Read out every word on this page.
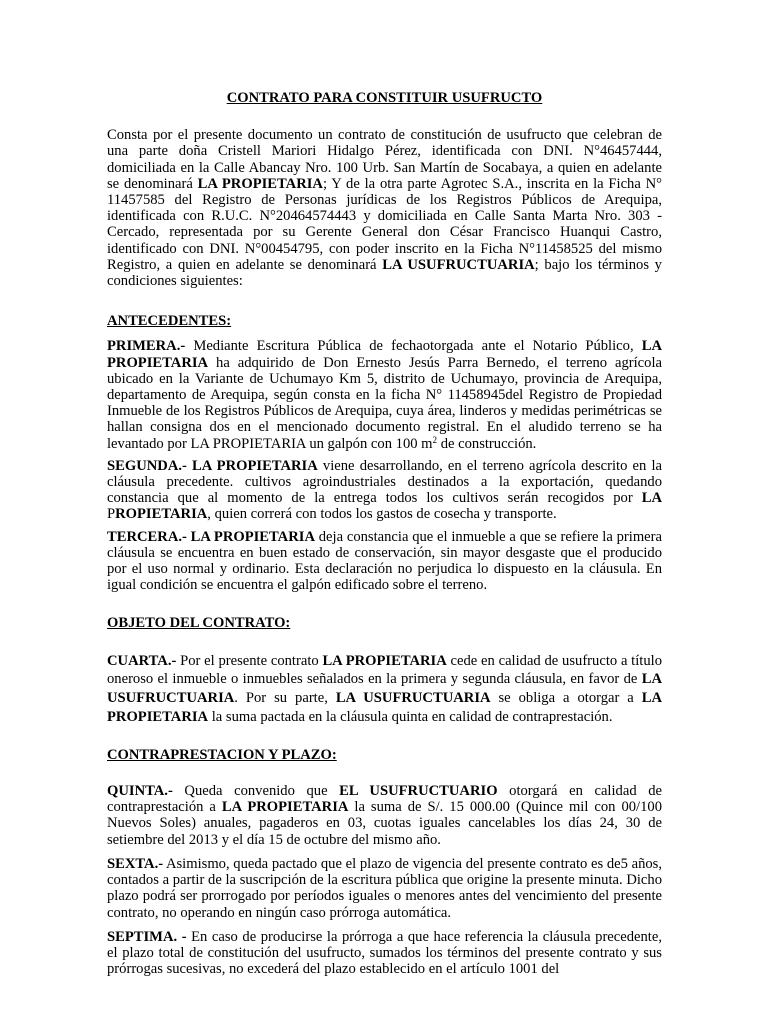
CONTRATO PARA CONSTITUIR USUFRUCTO

Consta por el presente documento un contrato de constitución de usufructo que celebran de una parte doña Cristell Mariori Hidalgo Pérez, identificada con DNI. N°46457444, domiciliada en la Calle Abancay Nro. 100 Urb. San Martín de Socabaya, a quien en adelante se denominará LA PROPIETARIA; Y de la otra parte Agrotec S.A., inscrita en la Ficha N° 11457585 del Registro de Personas jurídicas de los Registros Públicos de Arequipa, identificada con R.U.C. N°20464574443 y domiciliada en Calle Santa Marta Nro. 303 -Cercado, representada por su Gerente General don César Francisco Huanqui Castro, identificado con DNI. N°00454795, con poder inscrito en la Ficha N°11458525 del mismo Registro, a quien en adelante se denominará LA USUFRUCTUARIA; bajo los términos y condiciones siguientes:

ANTECEDENTES:

PRIMERA.- Mediante Escritura Pública de fechaotorgada ante el Notario Público, LA PROPIETARIA ha adquirido de Don Ernesto Jesús Parra Bernedo, el terreno agrícola ubicado en la Variante de Uchumayo Km 5, distrito de Uchumayo, provincia de Arequipa, departamento de Arequipa, según consta en la ficha N° 11458945del Registro de Propiedad Inmueble de los Registros Públicos de Arequipa, cuya área, linderos y medidas perimétricas se hallan consigna dos en el mencionado documento registral. En el aludido terreno se ha levantado por LA PROPIETARIA un galpón con 100 $m^2$ de construcción.

SEGUNDA.- LA PROPIETARIA viene desarrollando, en el terreno agrícola descrito en la cláusula precedente. cultivos agroindustriales destinados a la exportación, quedando constancia que al momento de la entrega todos los cultivos serán recogidos por LA PROPIETARIA, quien correrá con todos los gastos de cosecha y transporte.

TERCERA.- LA PROPIETARIA deja constancia que el inmueble a que se refiere la primera cláusula se encuentra en buen estado de conservación, sin mayor desgaste que el producido por el uso normal y ordinario. Esta declaración no perjudica lo dispuesto en la cláusula. En igual condición se encuentra el galpón edificado sobre el terreno.

OBJETO DEL CONTRATO:

CUARTA.- Por el presente contrato LA PROPIETARIA cede en calidad de usufructo a título oneroso el inmueble o inmuebles señalados en la primera y segunda cláusula, en favor de LA USUFRUCTUARIA. Por su parte, LA USUFRUCTUARIA se obliga a otorgar a LA PROPIETARIA la suma pactada en la cláusula quinta en calidad de contraprestación.

CONTRAPRESTACION Y PLAZO:

QUINTA.- Queda convenido que EL USUFRUCTUARIO otorgará en calidad de contraprestación a LA PROPIETARIA la suma de S/. 15 000.00 (Quince mil con 00/100 Nuevos Soles) anuales, pagaderos en 03, cuotas iguales cancelables los días 24, 30 de setiembre del 2013 y el día 15 de octubre del mismo año.

SEXTA.- Asimismo, queda pactado que el plazo de vigencia del presente contrato es de5 años, contados a partir de la suscripción de la escritura pública que origine la presente minuta. Dicho plazo podrá ser prorrogado por períodos iguales o menores antes del vencimiento del presente contrato, no operando en ningún caso prórroga automática.

SEPTIMA. - En caso de producirse la prórroga a que hace referencia la cláusula precedente, el plazo total de constitución del usufructo, sumados los términos del presente contrato y sus prórrogas sucesivas, no excederá del plazo establecido en el artículo 1001 del
